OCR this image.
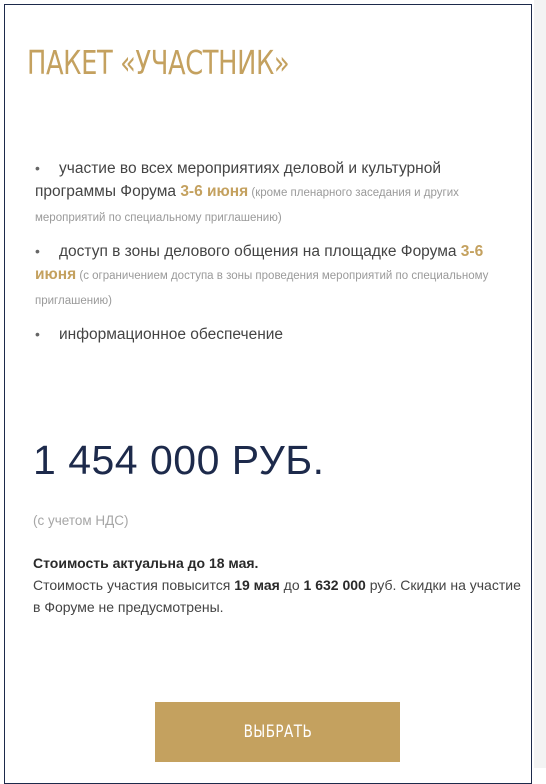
ПАКЕТ «УЧАСТНИК»
• участие во всех мероприятиях деловой и культурной программы Форума 3-6 июня (кроме пленарного заседания и других мероприятий по специальному приглашению)
• доступ в зоны делового общения на площадке Форума 3-6 июня (с ограничением доступа в зоны проведения мероприятий по специальному приглашению)
• информационное обеспечение
1 454 000 РУБ.
(с учетом НДС)
Стоимость актуальна до 18 мая.
Стоимость участия повысится 19 мая до 1 632 000 руб. Скидки на участие в Форуме не предусмотрены.
ВЫБРАТЬ
